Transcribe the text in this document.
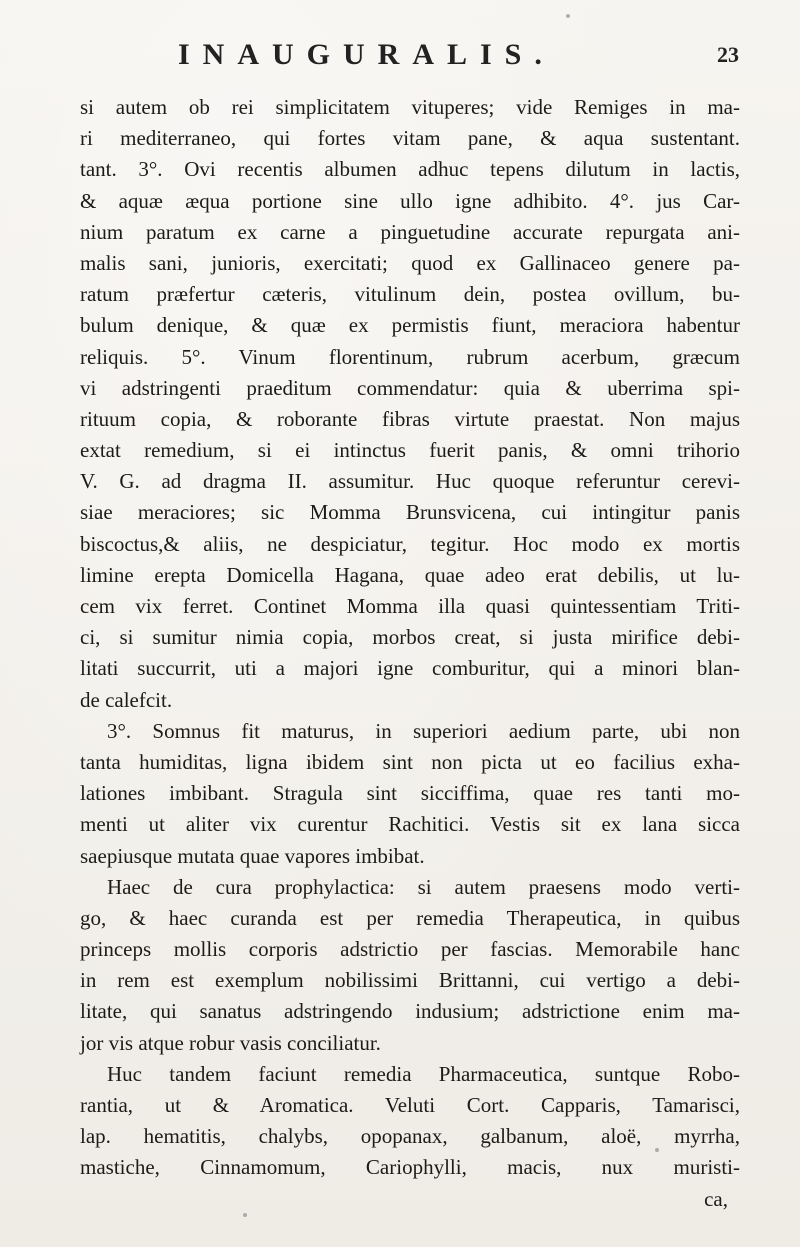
INAUGURALIS.	23
si autem ob rei simplicitatem vituperes; vide Remiges in ma-
ri mediterraneo, qui fortes vitam pane, & aqua sustentant.
tant. 3°. Ovi recentis albumen adhuc tepens dilutum in lactis,
& aquæ æqua portione sine ullo igne adhibito. 4°. jus Car-
nium paratum ex carne a pinguetudine accurate repurgata ani-
malis sani, junioris, exercitati; quod ex Gallinaceo genere pa-
ratum præfertur cæteris, vitulinum dein, postea ovillum, bu-
bulum denique, & quæ ex permistis fiunt, meraciora habentur
reliquis. 5°. Vinum florentinum, rubrum acerbum, græcum
vi adstringenti praeditum commendatur: quia & uberrima spi-
rituum copia, & roborante fibras virtute praestat. Non majus
extat remedium, si ei intinctus fuerit panis, & omni trihorio
V. G. ad dragma II. assumitur. Huc quoque referuntur cerevi-
siae meraciores; sic Momma Brunsvicena, cui intingitur panis
biscoctus,& aliis, ne despiciatur, tegitur. Hoc modo ex mortis
limine erepta Domicella Hagana, quae adeo erat debilis, ut lu-
cem vix ferret. Continet Momma illa quasi quintessentiam Triti-
ci, si sumitur nimia copia, morbos creat, si justa mirifice debi-
litati succurrit, uti a majori igne comburitur, qui a minori blan-
de calefcit.
3°. Somnus fit maturus, in superiori aedium parte, ubi non
tanta humiditas, ligna ibidem sint non picta ut eo facilius exha-
lationes imbibant. Stragula sint sicciffima, quae res tanti mo-
menti ut aliter vix curentur Rachitici. Vestis sit ex lana sicca
saepiusque mutata quae vapores imbibat.
Haec de cura prophylactica: si autem praesens modo verti-
go, & haec curanda est per remedia Therapeutica, in quibus
princeps mollis corporis adstrictio per fascias. Memorabile hanc
in rem est exemplum nobilissimi Brittanni, cui vertigo a debi-
litate, qui sanatus adstringendo indusium; adstrictione enim ma-
jor vis atque robur vasis conciliatur.
Huc tandem faciunt remedia Pharmaceutica, suntque Robo-
rantia, ut & Aromatica. Veluti Cort. Capparis, Tamarisci,
lap. hematitis, chalybs, opopanax, galbanum, aloë, myrrha,
mastiche, Cinnamomum, Cariophylli, macis, nux muristi-
ca,
